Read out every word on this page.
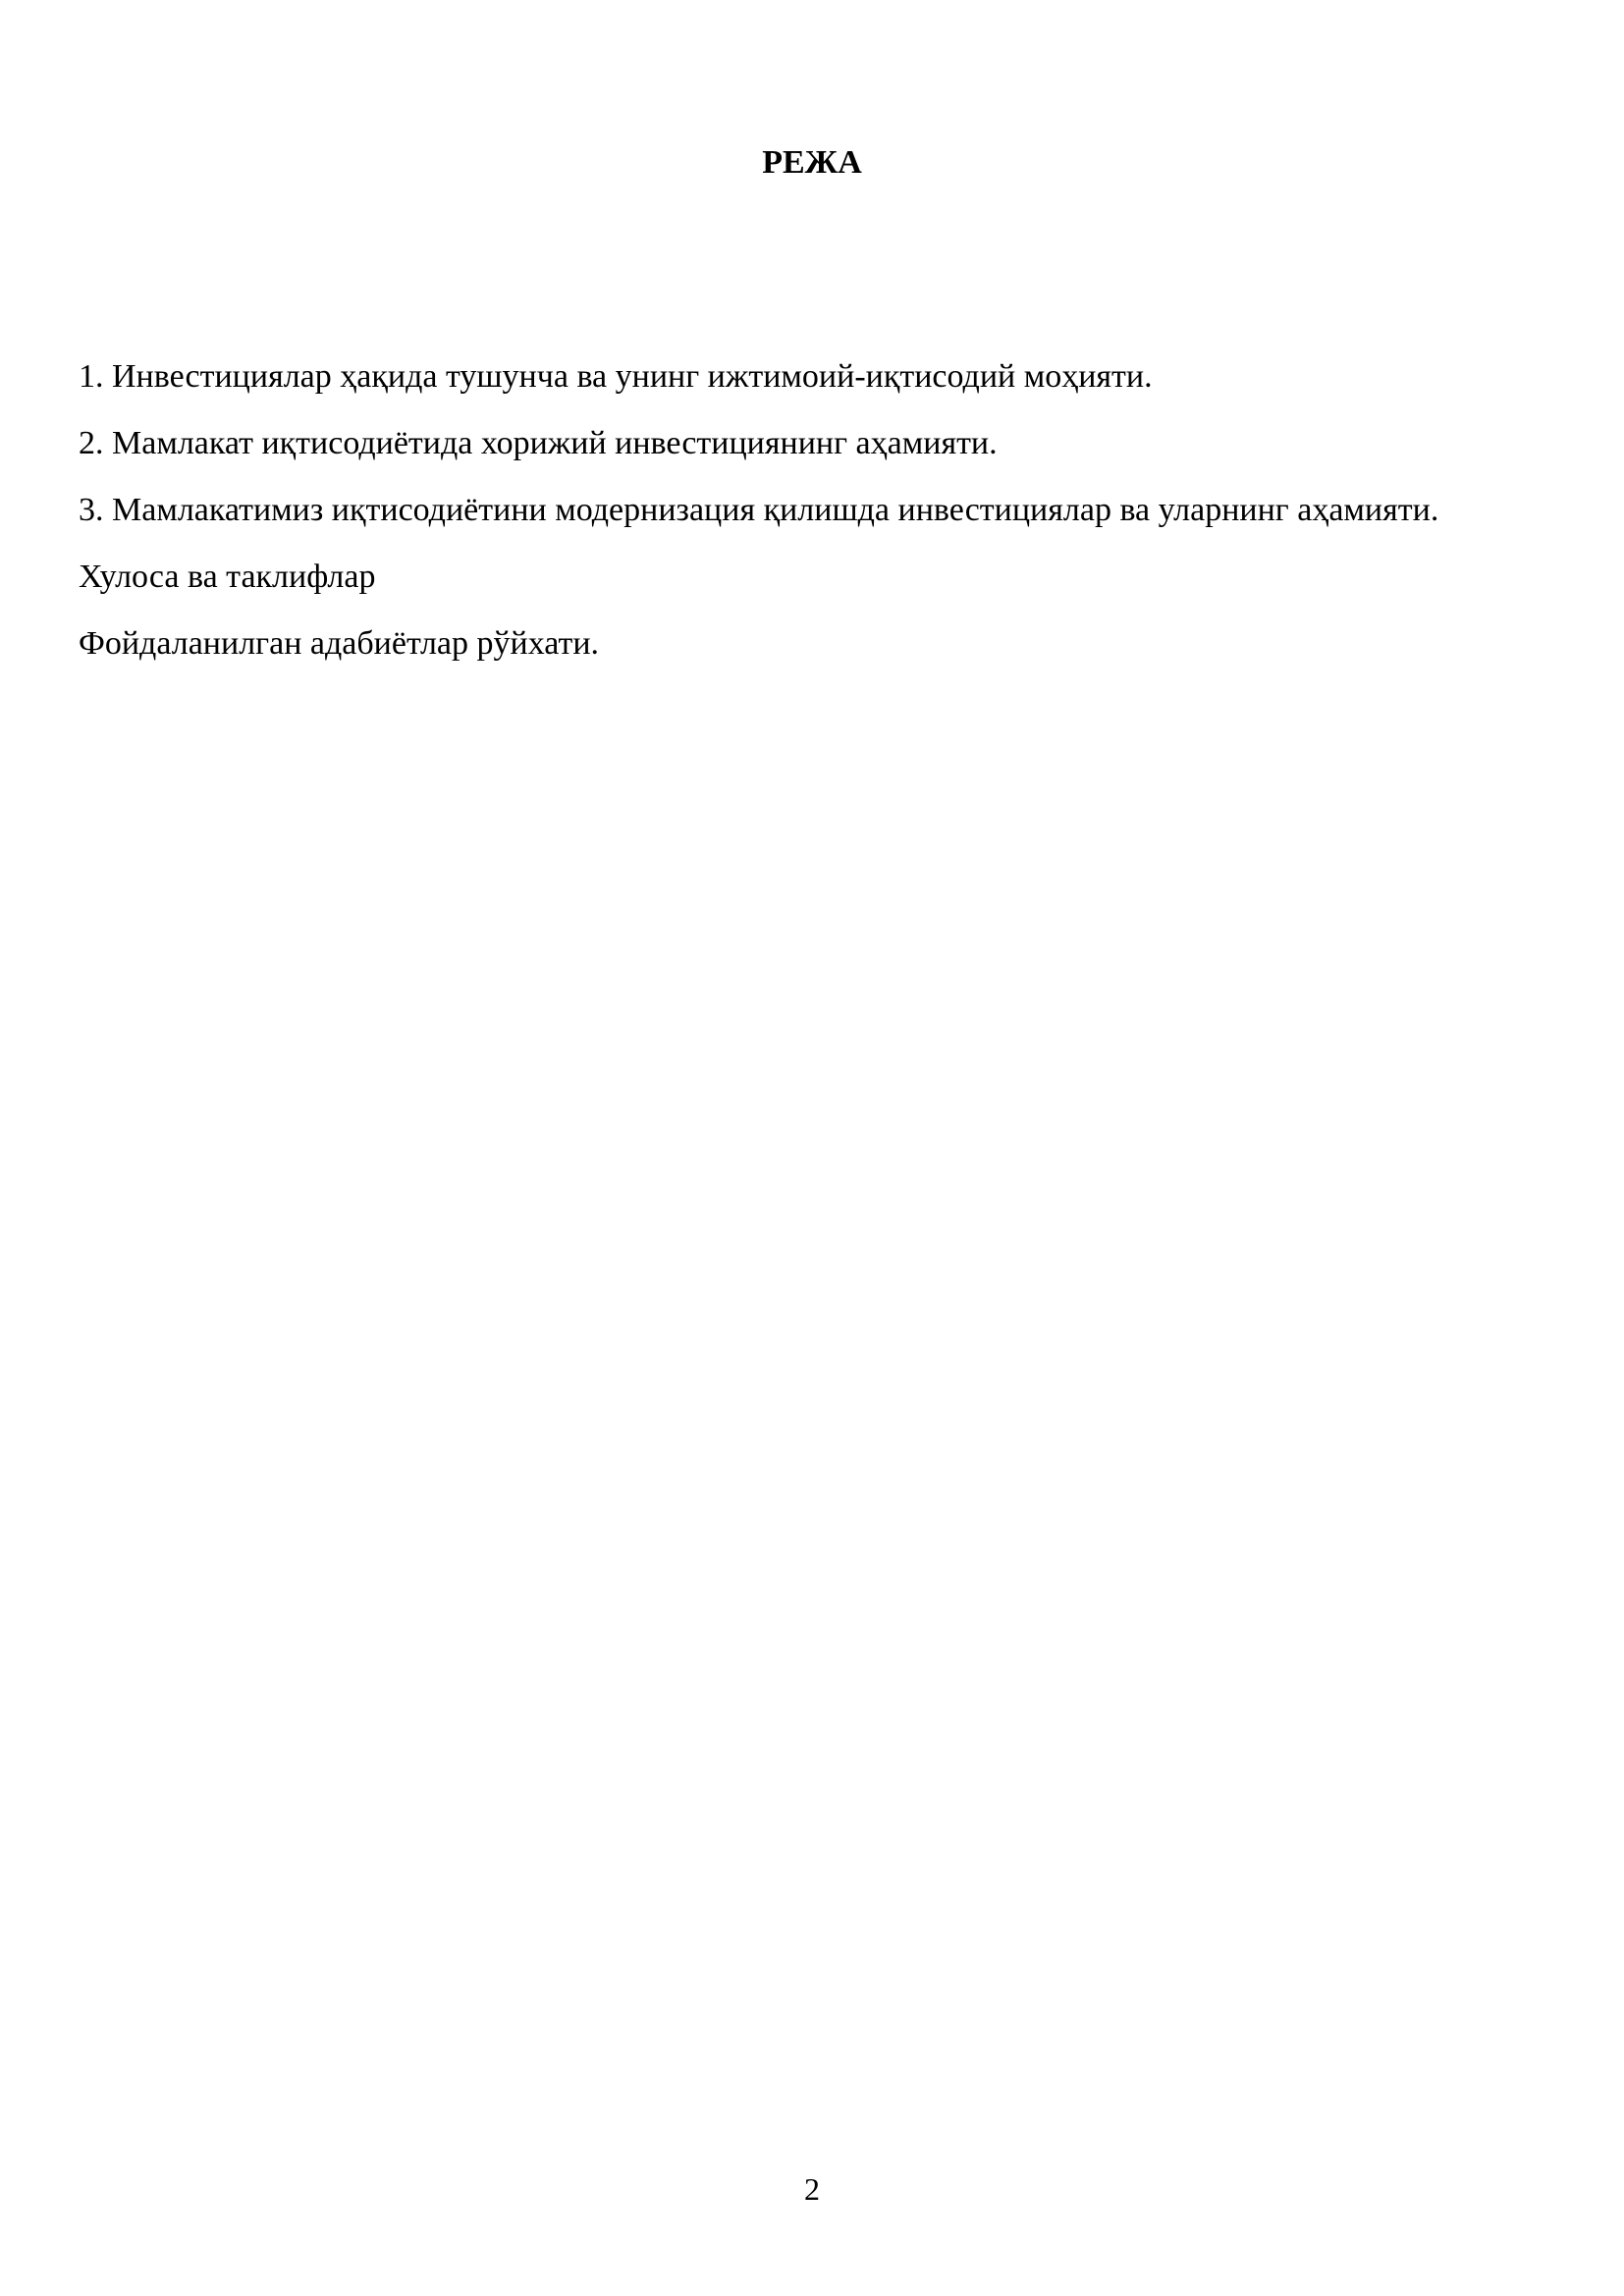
РЕЖА
1. Инвестициялар ҳақида тушунча ва унинг ижтимоий-иқтисодий моҳияти.
2. Мамлакат иқтисодиётида хорижий инвестициянинг аҳамияти.
3. Мамлакатимиз иқтисодиётини модернизация қилишда инвестициялар ва уларнинг аҳамияти.
Хулоса ва таклифлар
Фойдаланилган адабиётлар рўйхати.
2
